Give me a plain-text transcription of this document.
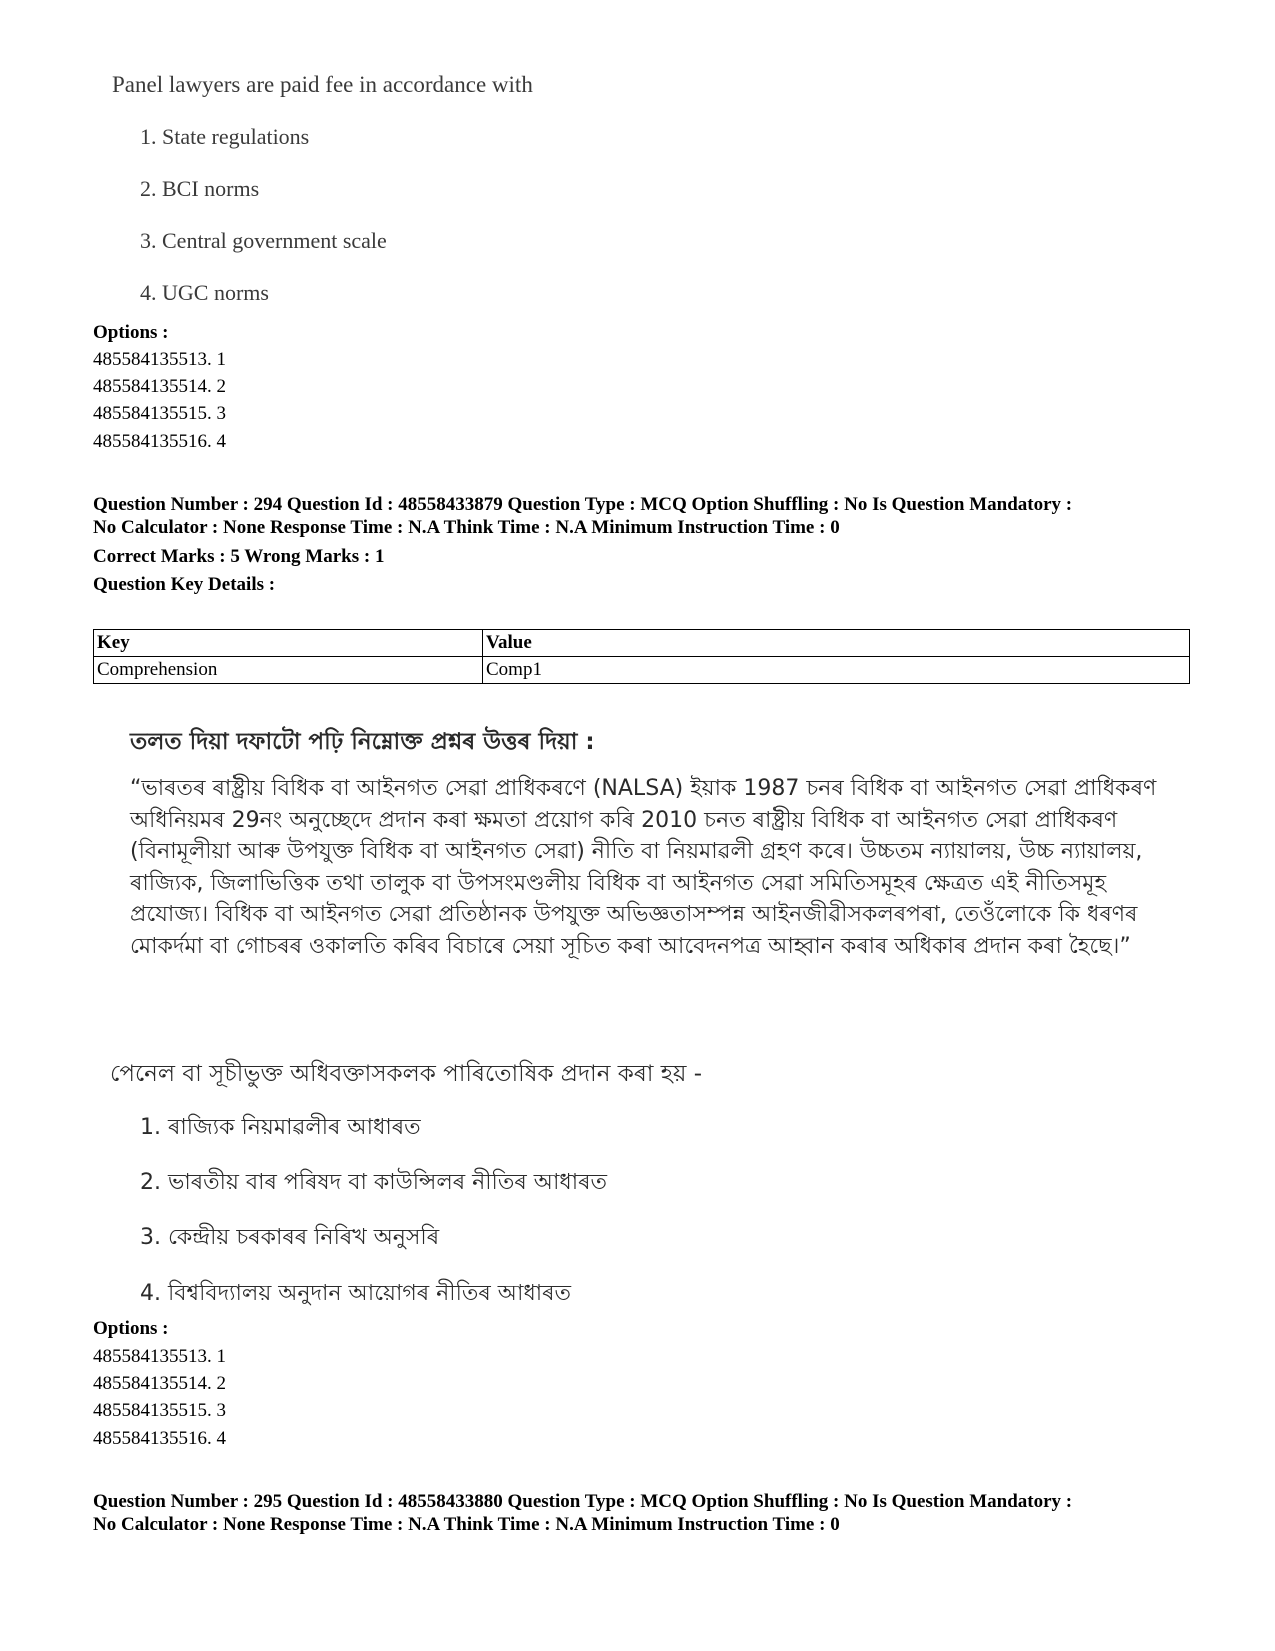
Panel lawyers are paid fee in accordance with
1. State regulations
2. BCI norms
3. Central government scale
4. UGC norms
Options :
485584135513. 1
485584135514. 2
485584135515. 3
485584135516. 4
Question Number : 294 Question Id : 48558433879 Question Type : MCQ Option Shuffling : No Is Question Mandatory :
No Calculator : None Response Time : N.A Think Time : N.A Minimum Instruction Time : 0
Correct Marks : 5 Wrong Marks : 1
Question Key Details :
Key	Value
Comprehension	Comp1
তলত দিয়া দফাটো পঢ়ি নিম্নোক্ত প্ৰশ্নৰ উত্তৰ দিয়া :
“ভাৰতৰ ৰাষ্ট্ৰীয় বিধিক বা আইনগত সেৱা প্ৰাধিকৰণে (NALSA) ইয়াক 1987 চনৰ বিধিক বা আইনগত সেৱা প্ৰাধিকৰণ অধিনিয়মৰ 29নং অনুচ্ছেদে প্ৰদান কৰা ক্ষমতা প্ৰয়োগ কৰি 2010 চনত ৰাষ্ট্ৰীয় বিধিক বা আইনগত সেৱা প্ৰাধিকৰণ (বিনামূলীয়া আৰু উপযুক্ত বিধিক বা আইনগত সেৱা) নীতি বা নিয়মাৱলী গ্ৰহণ কৰে। উচ্চতম ন্যায়ালয়, উচ্চ ন্যায়ালয়, ৰাজ্যিক, জিলাভিত্তিক তথা তালুক বা উপসংমণ্ডলীয় বিধিক বা আইনগত সেৱা সমিতিসমূহৰ ক্ষেত্ৰত এই নীতিসমূহ প্ৰযোজ্য। বিধিক বা আইনগত সেৱা প্ৰতিষ্ঠানক উপযুক্ত অভিজ্ঞতাসম্পন্ন আইনজীৱীসকলৰপৰা, তেওঁলোকে কি ধৰণৰ মোকৰ্দমা বা গোচৰৰ ওকালতি কৰিব বিচাৰে সেয়া সূচিত কৰা আবেদনপত্ৰ আহ্বান কৰাৰ অধিকাৰ প্ৰদান কৰা হৈছে।”
পেনেল বা সূচীভুক্ত অধিবক্তাসকলক পাৰিতোষিক প্ৰদান কৰা হয় -
1. ৰাজ্যিক নিয়মাৱলীৰ আধাৰত
2. ভাৰতীয় বাৰ পৰিষদ বা কাউন্সিলৰ নীতিৰ আধাৰত
3. কেন্দ্ৰীয় চৰকাৰৰ নিৰিখ অনুসৰি
4. বিশ্ববিদ্যালয় অনুদান আয়োগৰ নীতিৰ আধাৰত
Options :
485584135513. 1
485584135514. 2
485584135515. 3
485584135516. 4
Question Number : 295 Question Id : 48558433880 Question Type : MCQ Option Shuffling : No Is Question Mandatory :
No Calculator : None Response Time : N.A Think Time : N.A Minimum Instruction Time : 0
